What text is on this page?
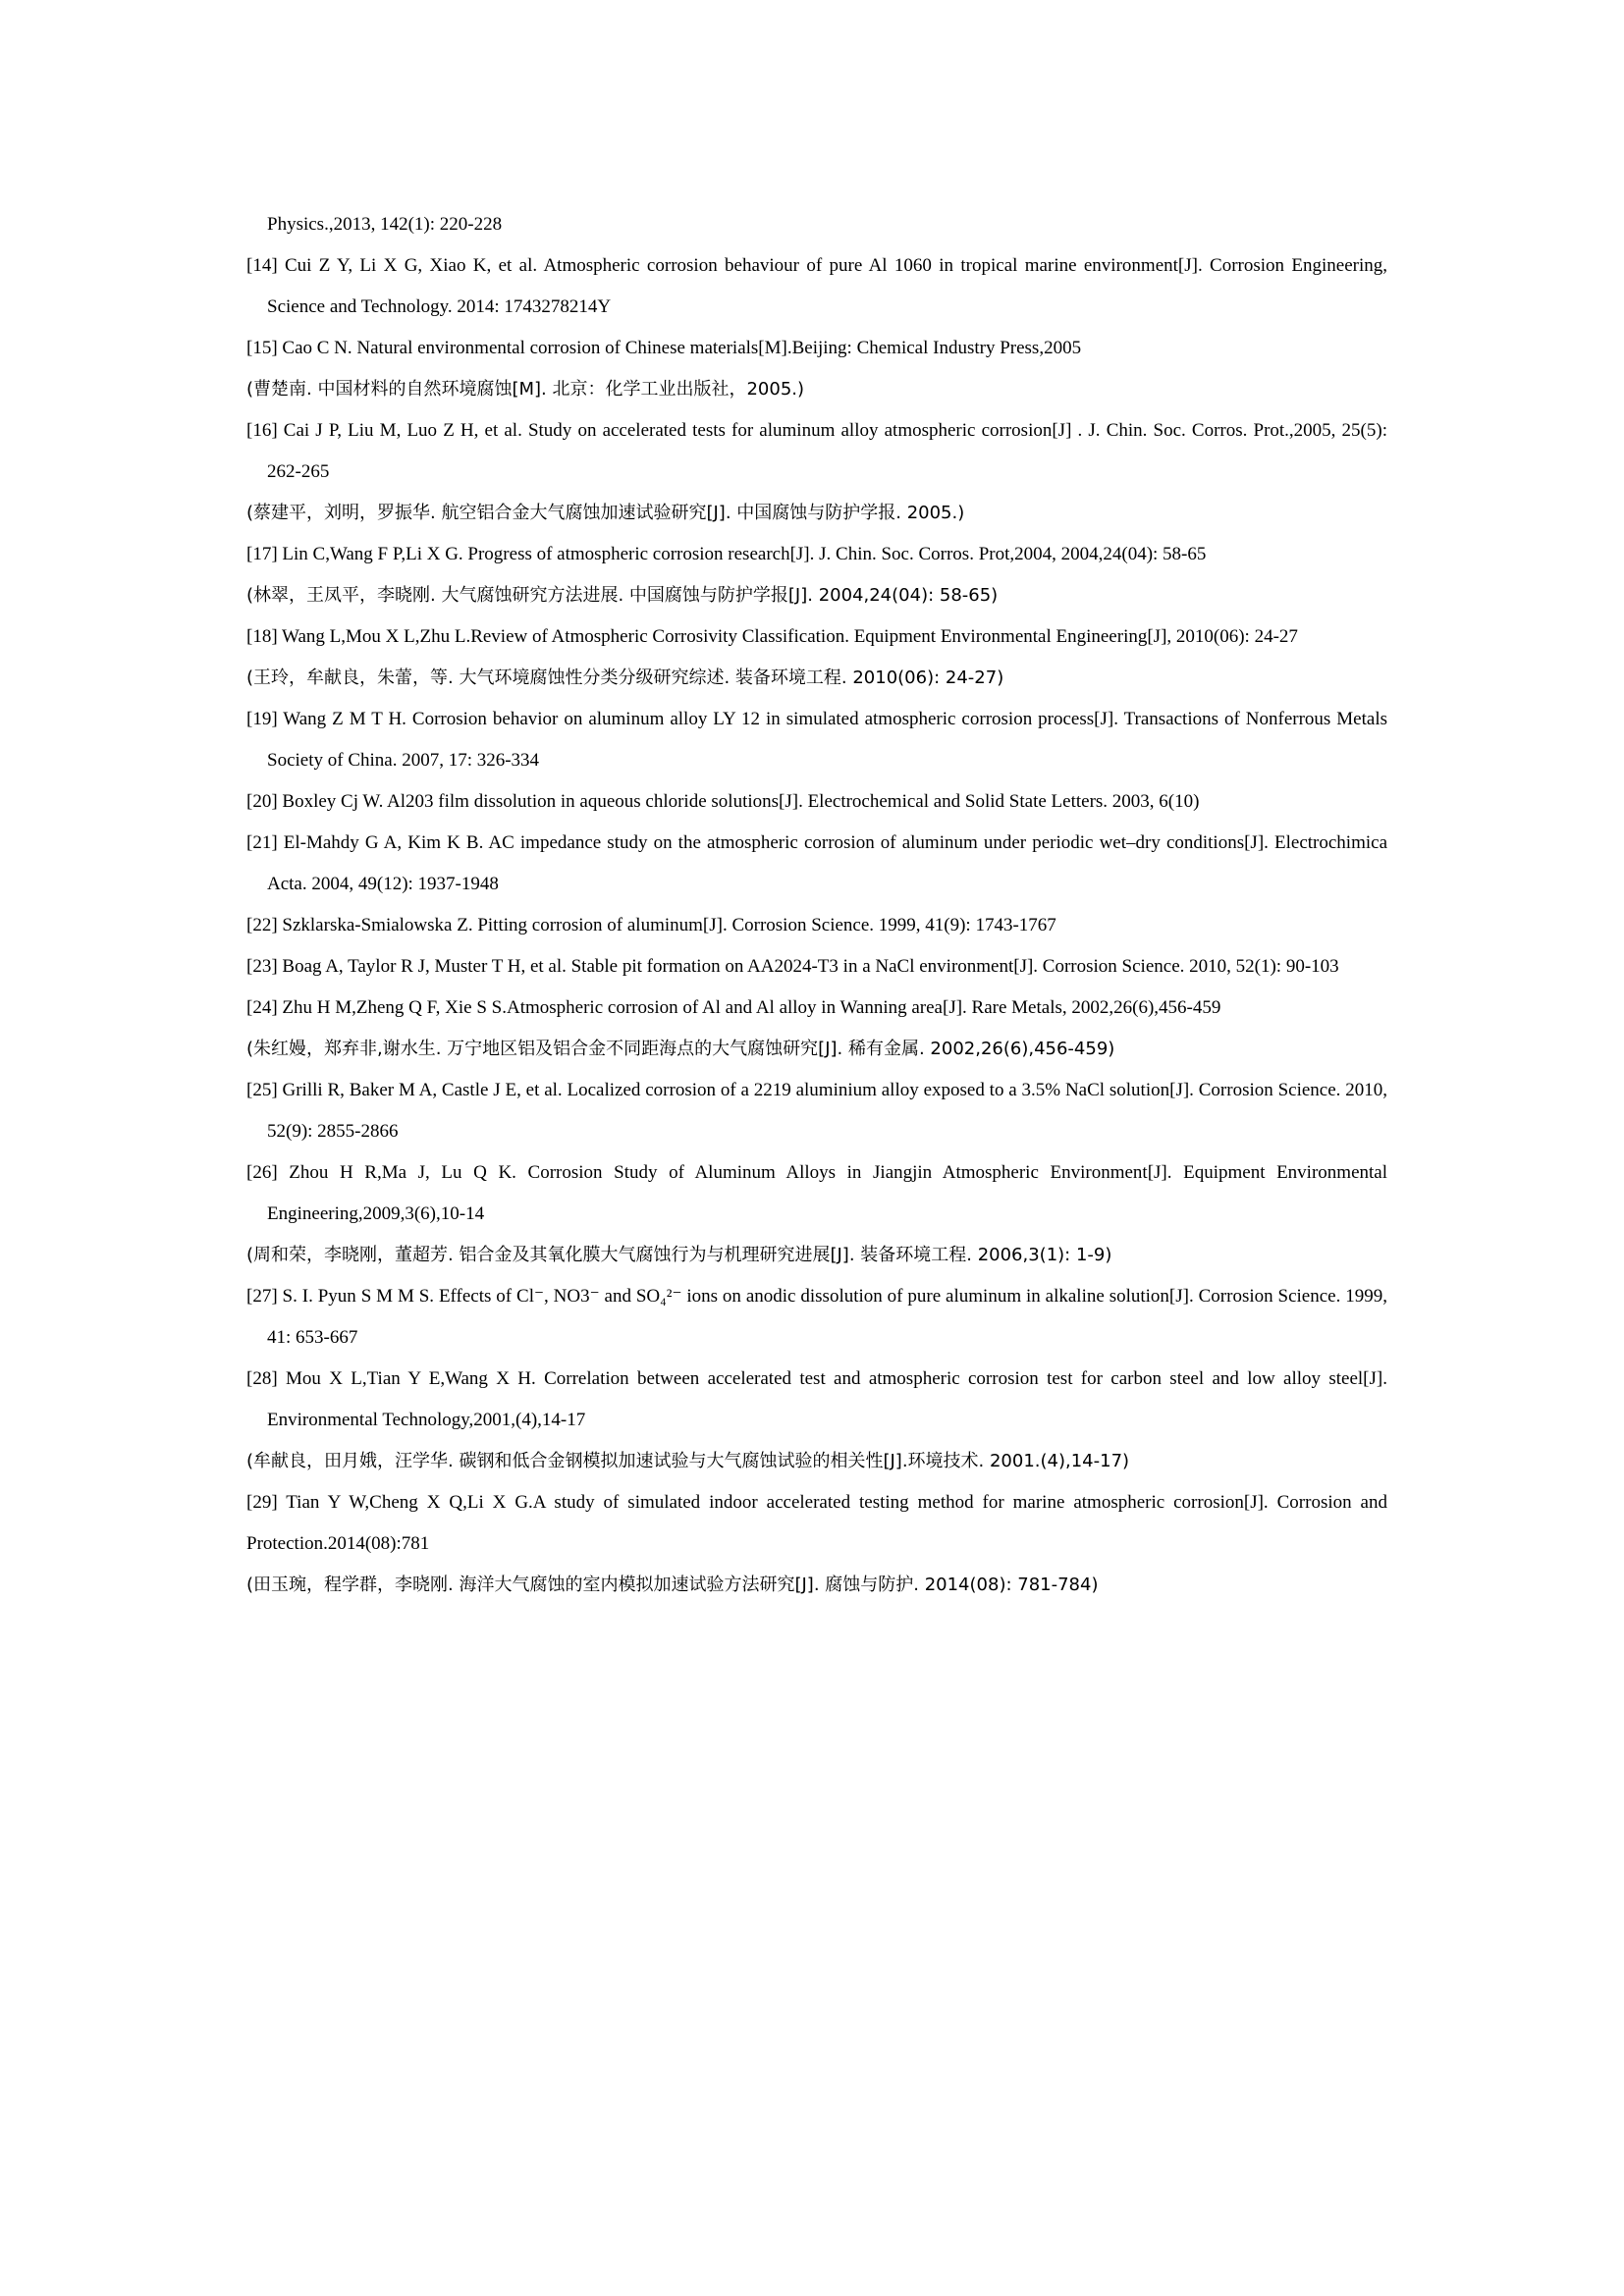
Physics.,2013, 142(1): 220-228

[14] Cui Z Y, Li X G, Xiao K, et al. Atmospheric corrosion behaviour of pure Al 1060 in tropical marine environment[J]. Corrosion Engineering, Science and Technology. 2014: 1743278214Y

[15] Cao C N. Natural environmental corrosion of Chinese materials[M].Beijing: Chemical Industry Press,2005

(曹楚南. 中国材料的自然环境腐蚀[M]. 北京：化学工业出版社，2005.)

[16] Cai J P, Liu M, Luo Z H, et al. Study on accelerated tests for aluminum alloy atmospheric corrosion[J] . J. Chin. Soc. Corros. Prot.,2005, 25(5): 262-265

(蔡建平，刘明，罗振华. 航空铝合金大气腐蚀加速试验研究[J]. 中国腐蚀与防护学报. 2005.)

[17] Lin C,Wang F P,Li X G. Progress of atmospheric corrosion research[J]. J. Chin. Soc. Corros. Prot,2004, 2004,24(04): 58-65

(林翠，王凤平，李晓刚. 大气腐蚀研究方法进展. 中国腐蚀与防护学报[J]. 2004,24(04): 58-65)

[18] Wang L,Mou X L,Zhu L.Review of Atmospheric Corrosivity Classification. Equipment Environmental Engineering[J], 2010(06): 24-27

(王玲，牟献良，朱蕾，等. 大气环境腐蚀性分类分级研究综述. 装备环境工程. 2010(06): 24-27)

[19] Wang Z M T H. Corrosion behavior on aluminum alloy LY 12 in simulated atmospheric corrosion process[J]. Transactions of Nonferrous Metals Society of China. 2007, 17: 326-334

[20] Boxley Cj W. Al203 film dissolution in aqueous chloride solutions[J]. Electrochemical and Solid State Letters. 2003, 6(10)

[21] El-Mahdy G A, Kim K B. AC impedance study on the atmospheric corrosion of aluminum under periodic wet–dry conditions[J]. Electrochimica Acta. 2004, 49(12): 1937-1948

[22] Szklarska-Smialowska Z. Pitting corrosion of aluminum[J]. Corrosion Science. 1999, 41(9): 1743-1767

[23] Boag A, Taylor R J, Muster T H, et al. Stable pit formation on AA2024-T3 in a NaCl environment[J]. Corrosion Science. 2010, 52(1): 90-103

[24] Zhu H M,Zheng Q F, Xie S S.Atmospheric corrosion of Al and Al alloy in Wanning area[J]. Rare Metals, 2002,26(6),456-459

(朱红嫚，郑弃非,谢水生. 万宁地区铝及铝合金不同距海点的大气腐蚀研究[J]. 稀有金属. 2002,26(6),456-459)

[25] Grilli R, Baker M A, Castle J E, et al. Localized corrosion of a 2219 aluminium alloy exposed to a 3.5% NaCl solution[J]. Corrosion Science. 2010, 52(9): 2855-2866

[26] Zhou H R,Ma J, Lu Q K. Corrosion Study of Aluminum Alloys in Jiangjin Atmospheric Environment[J]. Equipment Environmental Engineering,2009,3(6),10-14

(周和荣，李晓刚，董超芳. 铝合金及其氧化膜大气腐蚀行为与机理研究进展[J]. 装备环境工程. 2006,3(1): 1-9)

[27] S. I. Pyun S M M S. Effects of Cl⁻, NO3⁻ and SO₄²⁻ ions on anodic dissolution of pure aluminum in alkaline solution[J]. Corrosion Science. 1999, 41: 653-667

[28] Mou X L,Tian Y E,Wang X H. Correlation between accelerated test and atmospheric corrosion test for carbon steel and low alloy steel[J]. Environmental Technology,2001,(4),14-17

(牟献良，田月娥，汪学华. 碳钢和低合金钢模拟加速试验与大气腐蚀试验的相关性[J].环境技术. 2001.(4),14-17)

[29] Tian Y W,Cheng X Q,Li X G.A study of simulated indoor accelerated testing method for marine atmospheric corrosion[J]. Corrosion and Protection.2014(08):781

(田玉琬，程学群，李晓刚. 海洋大气腐蚀的室内模拟加速试验方法研究[J]. 腐蚀与防护. 2014(08): 781-784)
